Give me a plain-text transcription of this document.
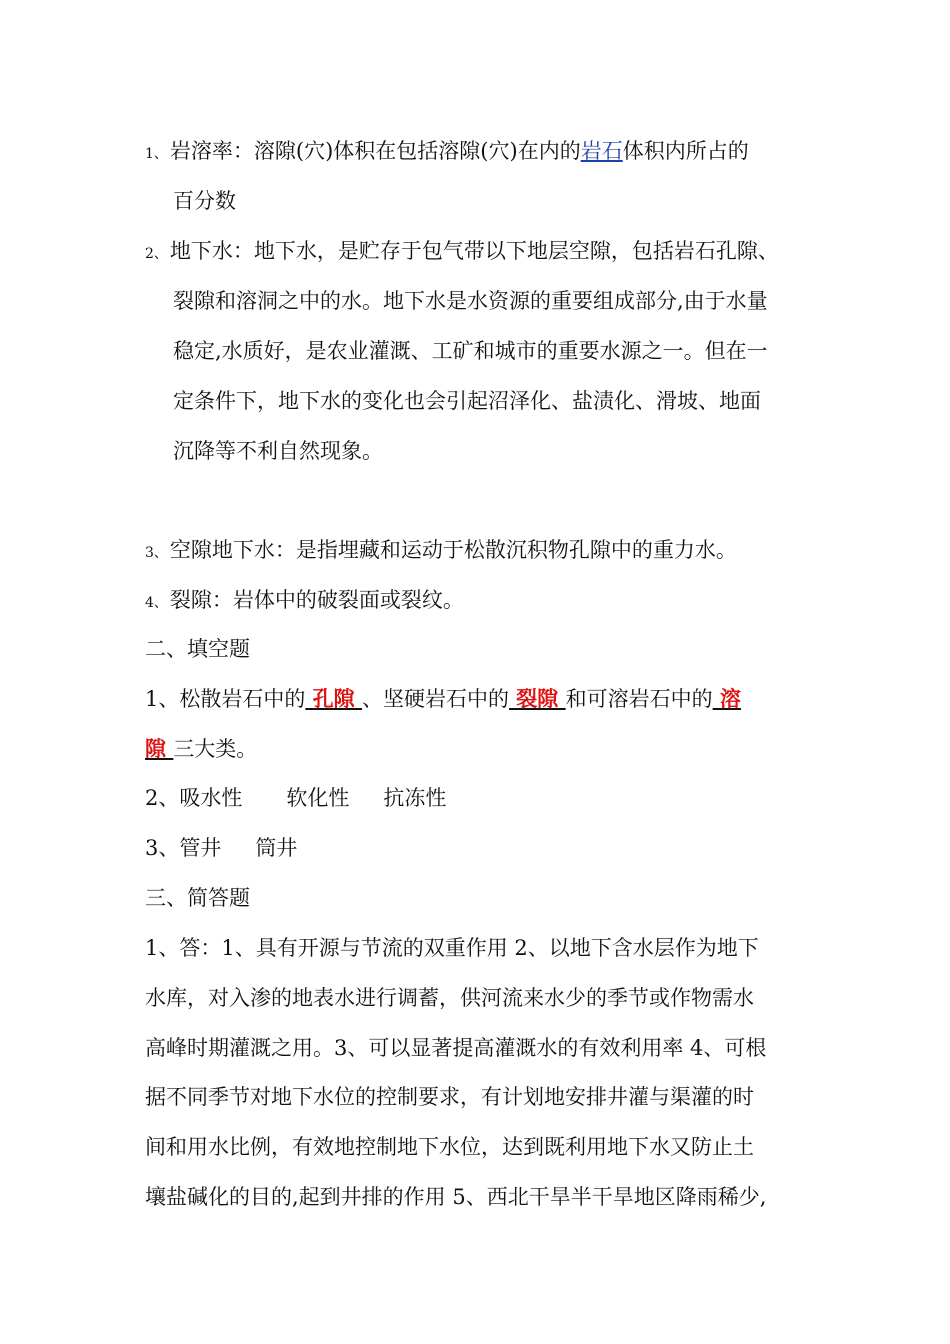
1、岩溶率：溶隙(穴)体积在包括溶隙(穴)在内的岩石体积内所占的
百分数
2、地下水：地下水，是贮存于包气带以下地层空隙，包括岩石孔隙、
裂隙和溶洞之中的水。地下水是水资源的重要组成部分,由于水量
稳定,水质好，是农业灌溉、工矿和城市的重要水源之一。但在一
定条件下，地下水的变化也会引起沼泽化、盐渍化、滑坡、地面
沉降等不利自然现象。
3、空隙地下水：是指埋藏和运动于松散沉积物孔隙中的重力水。
4、裂隙：岩体中的破裂面或裂纹。
二、填空题
1、松散岩石中的 孔隙 、坚硬岩石中的 裂隙 和可溶岩石中的 溶
隙 三大类。
2、吸水性 软化性 抗冻性
3、管井 筒井
三、简答题
1、答：1、具有开源与节流的双重作用 2、以地下含水层作为地下
水库，对入渗的地表水进行调蓄，供河流来水少的季节或作物需水
高峰时期灌溉之用。3、可以显著提高灌溉水的有效利用率 4、可根
据不同季节对地下水位的控制要求，有计划地安排井灌与渠灌的时
间和用水比例，有效地控制地下水位，达到既利用地下水又防止土
壤盐碱化的目的,起到井排的作用 5、西北干旱半干旱地区降雨稀少,
